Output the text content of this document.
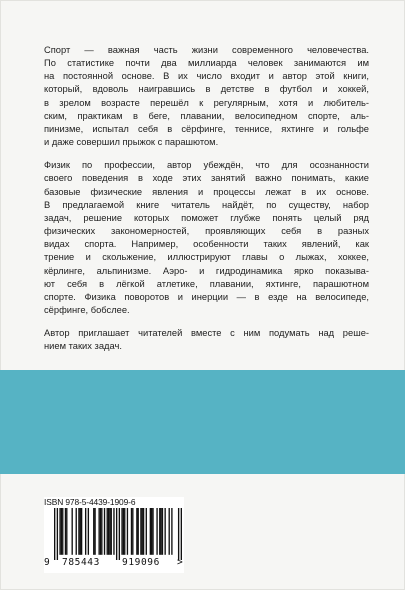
Спорт — важная часть жизни современного человечества.
По статистике почти два миллиарда человек занимаются им
на постоянной основе. В их число входит и автор этой книги,
который, вдоволь наигравшись в детстве в футбол и хоккей,
в зрелом возрасте перешёл к регулярным, хотя и любитель-
ским, практикам в беге, плавании, велосипедном спорте, аль-
пинизме, испытал себя в сёрфинге, теннисе, яхтинге и гольфе
и даже совершил прыжок с парашютом.

Физик по профессии, автор убеждён, что для осознанности
своего поведения в ходе этих занятий важно понимать, какие
базовые физические явления и процессы лежат в их основе.
В предлагаемой книге читатель найдёт, по существу, набор
задач, решение которых поможет глубже понять целый ряд
физических закономерностей, проявляющих себя в разных
видах спорта. Например, особенности таких явлений, как
трение и скольжение, иллюстрируют главы о лыжах, хоккее,
кёрлинге, альпинизме. Аэро- и гидродинамика ярко показыва-
ют себя в лёгкой атлетике, плавании, яхтинге, парашютном
спорте. Физика поворотов и инерции — в езде на велосипеде,
сёрфинге, бобслее.

Автор приглашает читателей вместе с ним подумать над реше-
нием таких задач.

ISBN 978-5-4439-1909-6
9 785443 919096 >
